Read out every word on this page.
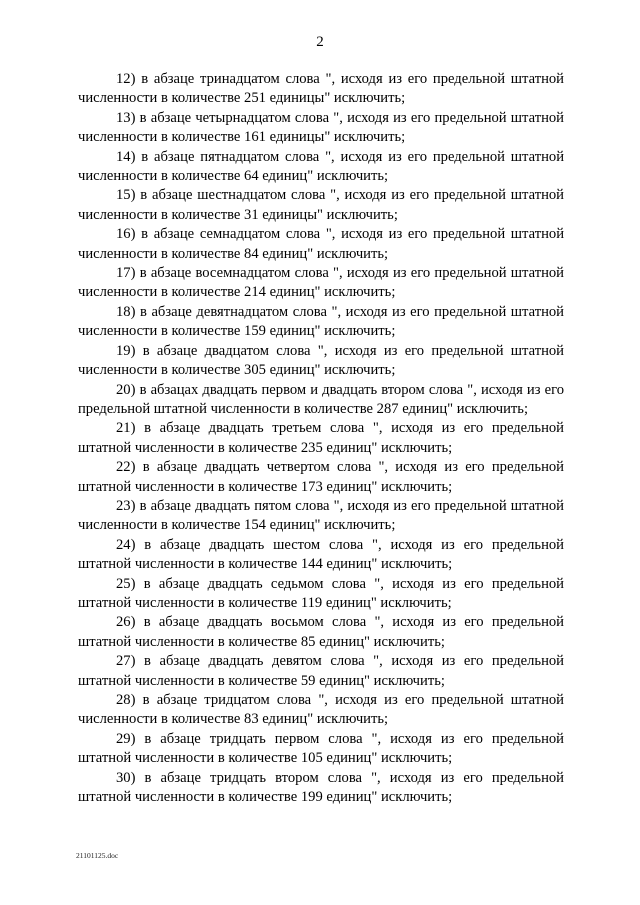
2

12) в абзаце тринадцатом слова ", исходя из его предельной штатной численности в количестве 251 единицы" исключить;

13) в абзаце четырнадцатом слова ", исходя из его предельной штатной численности в количестве 161 единицы" исключить;

14) в абзаце пятнадцатом слова ", исходя из его предельной штатной численности в количестве 64 единиц" исключить;

15) в абзаце шестнадцатом слова ", исходя из его предельной штатной численности в количестве 31 единицы" исключить;

16) в абзаце семнадцатом слова ", исходя из его предельной штатной численности в количестве 84 единиц" исключить;

17) в абзаце восемнадцатом слова ", исходя из его предельной штатной численности в количестве 214 единиц" исключить;

18) в абзаце девятнадцатом слова ", исходя из его предельной штатной численности в количестве 159 единиц" исключить;

19) в абзаце двадцатом слова ", исходя из его предельной штатной численности в количестве 305 единиц" исключить;

20) в абзацах двадцать первом и двадцать втором слова ", исходя из его предельной штатной численности в количестве 287 единиц" исключить;

21) в абзаце двадцать третьем слова ", исходя из его предельной штатной численности в количестве 235 единиц" исключить;

22) в абзаце двадцать четвертом слова ", исходя из его предельной штатной численности в количестве 173 единиц" исключить;

23) в абзаце двадцать пятом слова ", исходя из его предельной штатной численности в количестве 154 единиц" исключить;

24) в абзаце двадцать шестом слова ", исходя из его предельной штатной численности в количестве 144 единиц" исключить;

25) в абзаце двадцать седьмом слова ", исходя из его предельной штатной численности в количестве 119 единиц" исключить;

26) в абзаце двадцать восьмом слова ", исходя из его предельной штатной численности в количестве 85 единиц" исключить;

27) в абзаце двадцать девятом слова ", исходя из его предельной штатной численности в количестве 59 единиц" исключить;

28) в абзаце тридцатом слова ", исходя из его предельной штатной численности в количестве 83 единиц" исключить;

29) в абзаце тридцать первом слова ", исходя из его предельной штатной численности в количестве 105 единиц" исключить;

30) в абзаце тридцать втором слова ", исходя из его предельной штатной численности в количестве 199 единиц" исключить;

21101125.doc
